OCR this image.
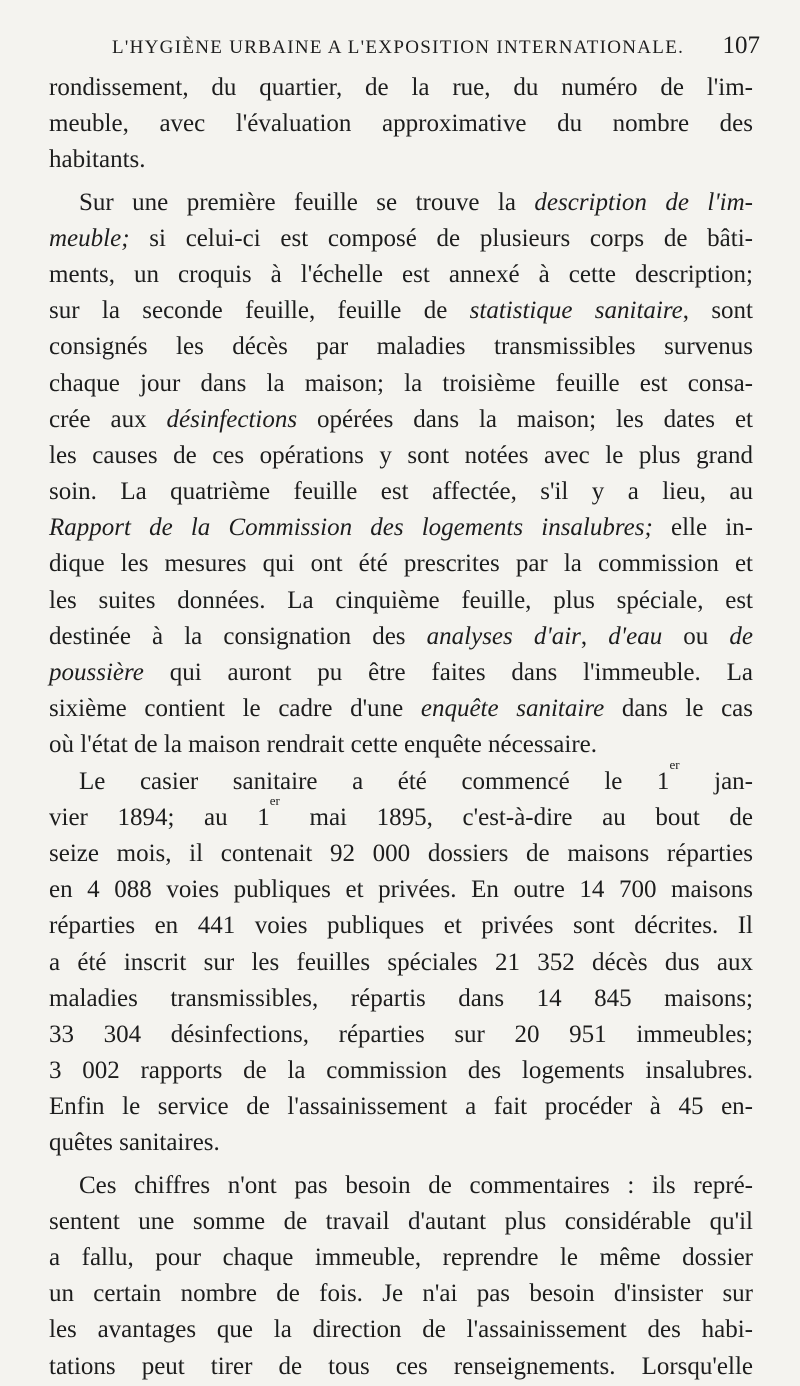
L'HYGIÈNE URBAINE A L'EXPOSITION INTERNATIONALE. 107
rondissement, du quartier, de la rue, du numéro de l'im-
meuble, avec l'évaluation approximative du nombre des
habitants.
Sur une première feuille se trouve la description de l'im-
meuble; si celui-ci est composé de plusieurs corps de bâti-
ments, un croquis à l'échelle est annexé à cette description;
sur la seconde feuille, feuille de statistique sanitaire, sont
consignés les décès par maladies transmissibles survenus
chaque jour dans la maison; la troisième feuille est consa-
crée aux désinfections opérées dans la maison; les dates et
les causes de ces opérations y sont notées avec le plus grand
soin. La quatrième feuille est affectée, s'il y a lieu, au
Rapport de la Commission des logements insalubres; elle in-
dique les mesures qui ont été prescrites par la commission et
les suites données. La cinquième feuille, plus spéciale, est
destinée à la consignation des analyses d'air, d'eau ou de
poussière qui auront pu être faites dans l'immeuble. La
sixième contient le cadre d'une enquête sanitaire dans le cas
où l'état de la maison rendrait cette enquête nécessaire.
Le casier sanitaire a été commencé le 1er jan-
vier 1894; au 1er mai 1895, c'est-à-dire au bout de
seize mois, il contenait 92 000 dossiers de maisons réparties
en 4 088 voies publiques et privées. En outre 14 700 maisons
réparties en 441 voies publiques et privées sont décrites. Il
a été inscrit sur les feuilles spéciales 21 352 décès dus aux
maladies transmissibles, répartis dans 14 845 maisons;
33 304 désinfections, réparties sur 20 951 immeubles;
3 002 rapports de la commission des logements insalubres.
Enfin le service de l'assainissement a fait procéder à 45 en-
quêtes sanitaires.
Ces chiffres n'ont pas besoin de commentaires : ils repré-
sentent une somme de travail d'autant plus considérable qu'il
a fallu, pour chaque immeuble, reprendre le même dossier
un certain nombre de fois. Je n'ai pas besoin d'insister sur
les avantages que la direction de l'assainissement des habi-
tations peut tirer de tous ces renseignements. Lorsqu'elle
